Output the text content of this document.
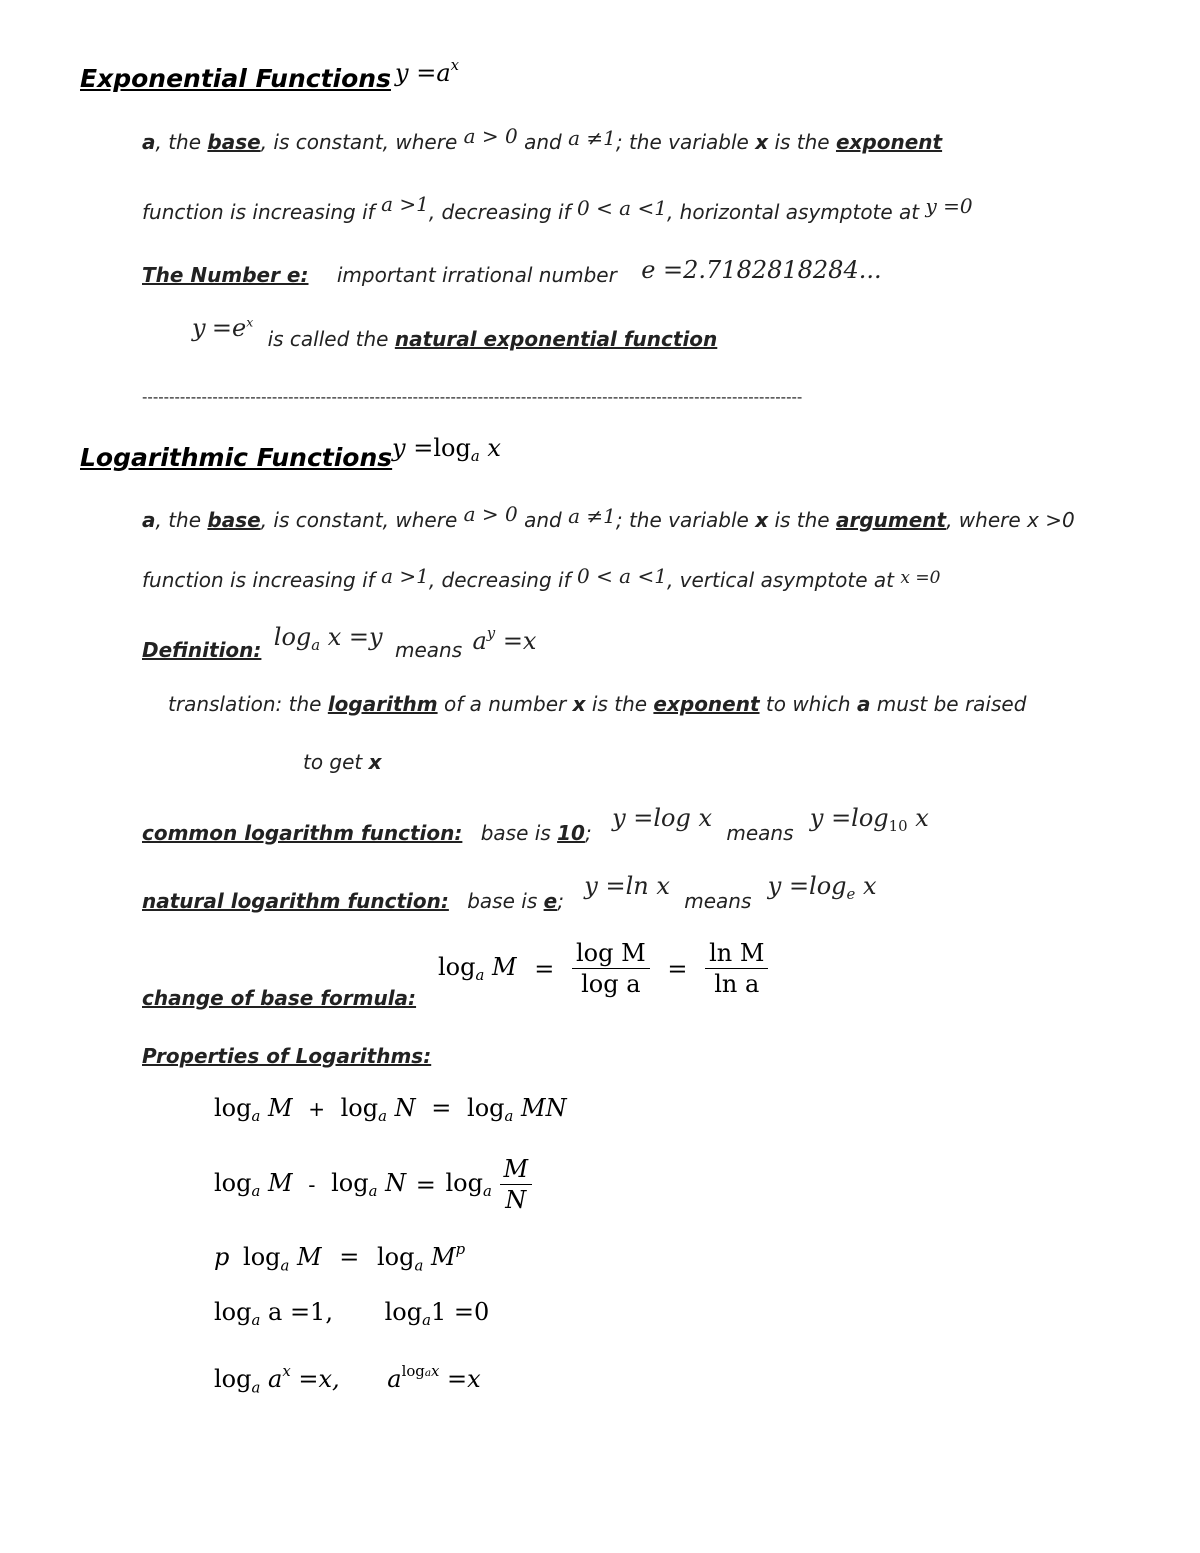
Exponential Functions $y =a^x$
a, the base, is constant, where a > 0 and a ≠1; the variable x is the exponent
function is increasing if a >1, decreasing if 0 < a <1, horizontal asymptote at y =0
The Number e: important irrational number e =2.7182818284...
$y =e^x$ is called the natural exponential function
--------------------------------------------------------------------------------------------------------------------------
Logarithmic Functions $y =\log_a$ x
a, the base, is constant, where a > 0 and a ≠1; the variable x is the argument, where x >0
function is increasing if a >1, decreasing if 0 < a <1, vertical asymptote at $^{x =0}$
Definition: $\log_a x =y$ means $a^y =x$
translation: the logarithm of a number x is the exponent to which a must be raised
to get x
common logarithm function: base is 10; y =log x means $y =\log_{10}$ x
natural logarithm function: base is e; y =ln x means $y =\log_e$ x
change of base formula:
$\log_a M = \frac{\text{log M}}{\text{log a}} = \frac{\text{ln M}}{\text{ln a}}$
Properties of Logarithms:
$\log_a M + \log_a N = \log_a$ MN
$\log_a M - \log_a N = \log_a \frac{M}{N}$
p $\log_a M = \log_a M^p$
$\log_a a =1$, $\log_a1 =0$
$\log_a a^x =x$, $a^{logax} =x$
